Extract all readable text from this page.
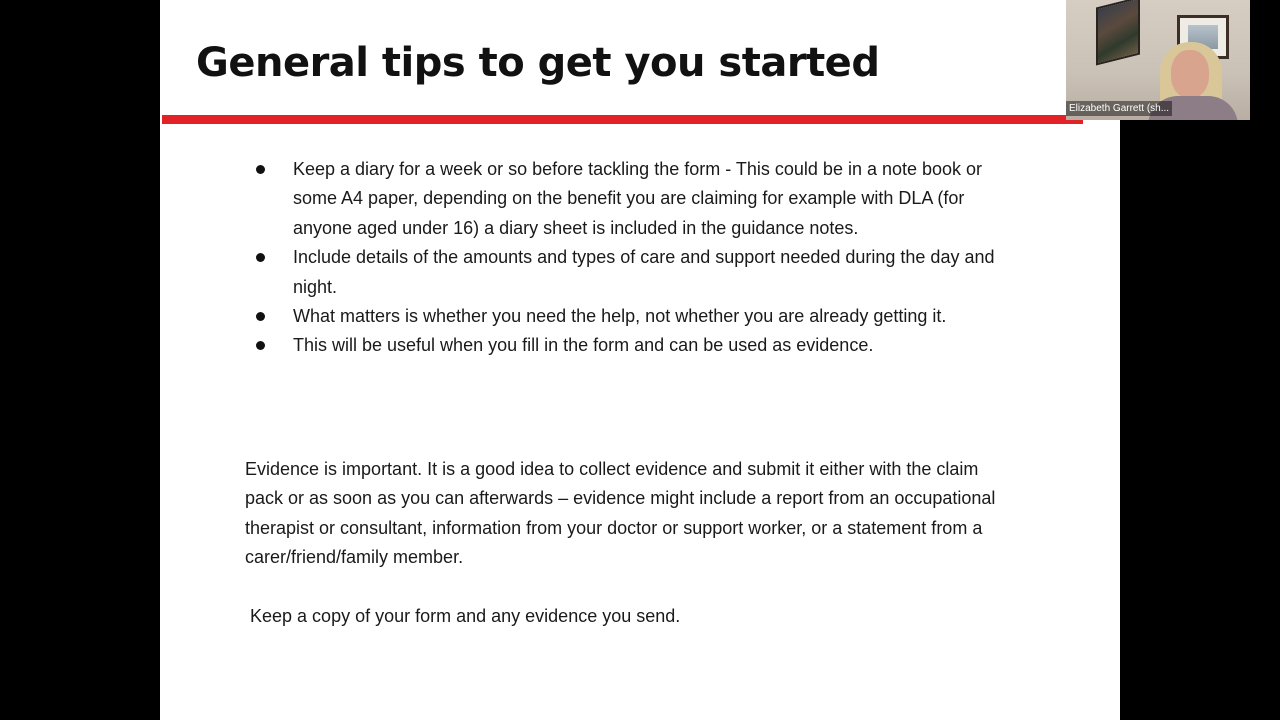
General tips to get you started
Keep a diary for a week or so before tackling the form - This could be in a note book or some A4 paper, depending on the benefit you are claiming for example with DLA (for anyone aged under 16) a diary sheet is included in the guidance notes.
Include details of the amounts and types of care and support needed during the day and night.
What matters is whether you need the help, not whether you are already getting it.
This will be useful when you fill in the form and can be used as evidence.

Evidence is important. It is a good idea to collect evidence and submit it either with the claim pack or as soon as you can afterwards – evidence might include a report from an occupational therapist or consultant, information from your doctor or support worker, or a statement from a carer/friend/family member.

Keep a copy of your form and any evidence you send.

Elizabeth Garrett (sh...
